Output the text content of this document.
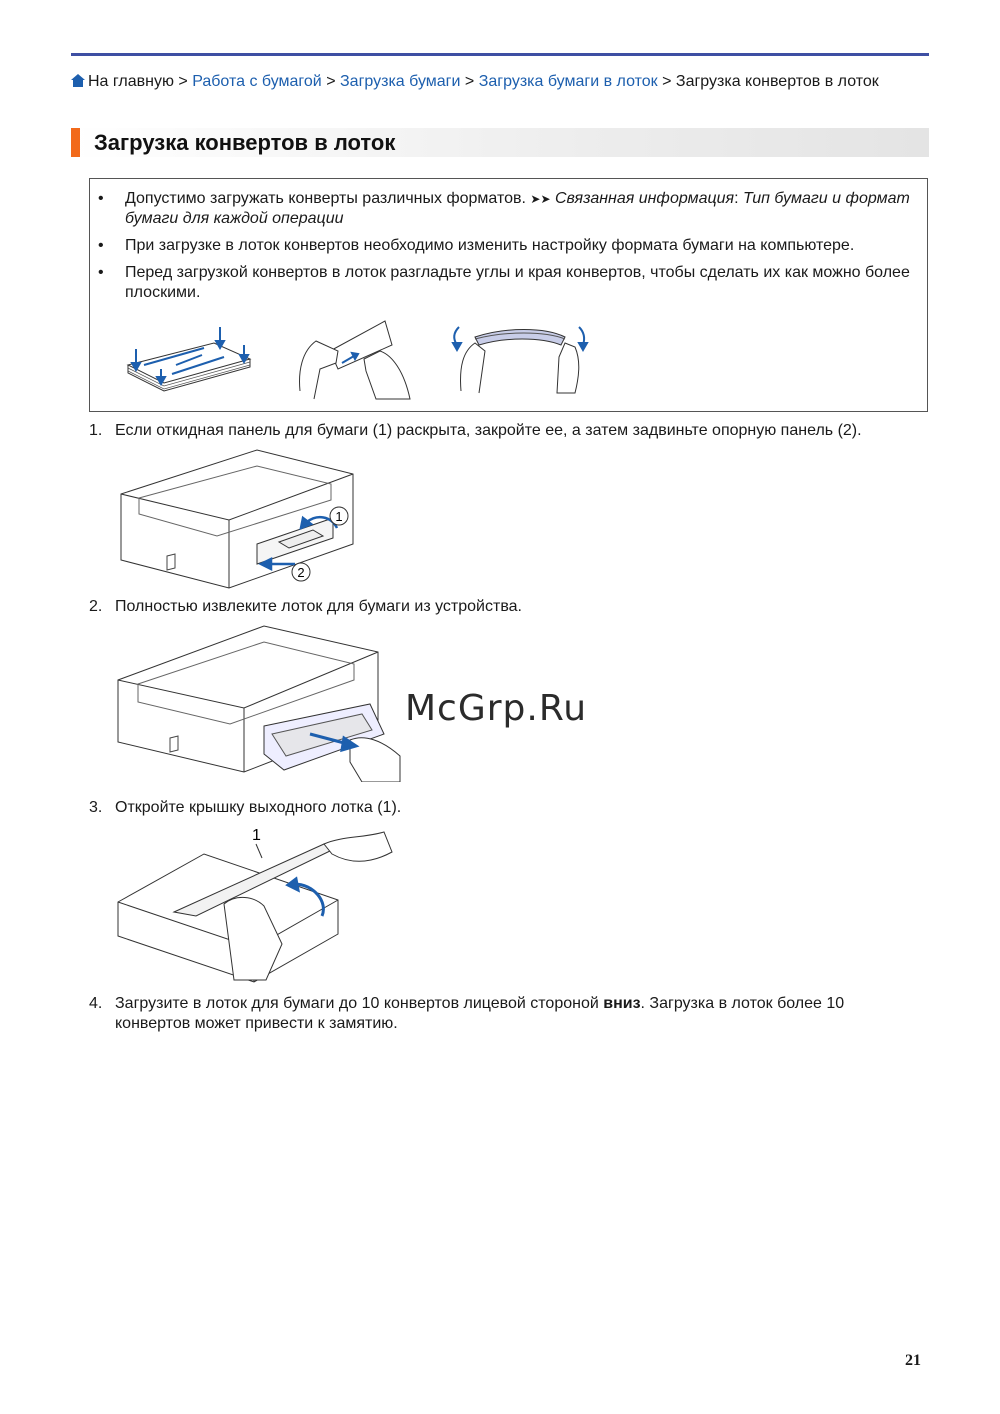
На главную > Работа с бумагой > Загрузка бумаги > Загрузка бумаги в лоток > Загрузка конвертов в лоток
Загрузка конвертов в лоток
• Допустимо загружать конверты различных форматов. ➤➤ Связанная информация: Тип бумаги и формат бумаги для каждой операции
• При загрузке в лоток конвертов необходимо изменить настройку формата бумаги на компьютере.
• Перед загрузкой конвертов в лоток разгладьте углы и края конвертов, чтобы сделать их как можно более плоскими.
1. Если откидная панель для бумаги (1) раскрыта, закройте ее, а затем задвиньте опорную панель (2).
1
2
2. Полностью извлеките лоток для бумаги из устройства.
McGrp.Ru
3. Откройте крышку выходного лотка (1).
1
4. Загрузите в лоток для бумаги до 10 конвертов лицевой стороной вниз. Загрузка в лоток более 10 конвертов может привести к замятию.
21
